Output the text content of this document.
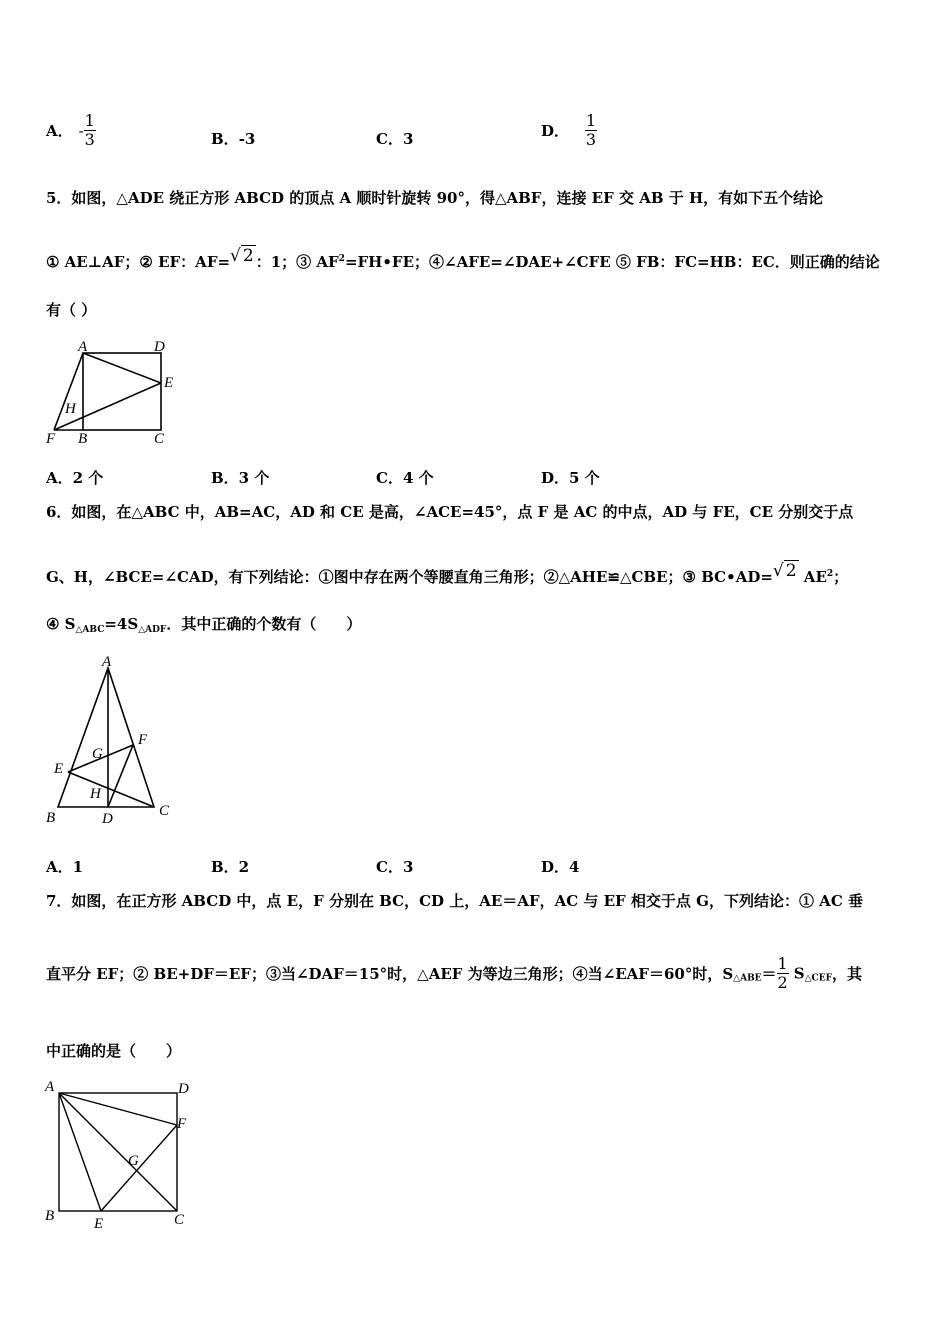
A． - $\frac{1}{3}$	B．-3	C．3	D． $\frac{1}{3}$
5．如图，△ADE 绕正方形 ABCD 的顶点 A 顺时针旋转 90°，得△ABF，连接 EF 交 AB 于 H，有如下五个结论
① AE⊥AF；② EF：AF=√ 2 ：1；③ $AF^2=FH•FE$；④∠AFE=∠DAE+∠CFE ⑤ FB：FC=HB：EC．则正确的结论
有（ ）
A	D
E
H
F B	C
A．2 个	B．3 个	C．4 个	D．5 个
6．如图，在△ABC 中，AB=AC，AD 和 CE 是高，∠ACE=45°，点 F 是 AC 的中点，AD 与 FE，CE 分别交于点
G、H，∠BCE=∠CAD，有下列结论：①图中存在两个等腰直角三角形；②△AHE≌△CBE；③ BC•AD=√ 2 $AE^2$；
④ $S_{\triangle ABC}=4S_{\triangle ADF}$．其中正确的个数有（　　）
A
F
G
E
H
B	D	C
A．1	B．2	C．3	D．4
7．如图，在正方形 ABCD 中，点 E，F 分别在 BC，CD 上，AE＝AF，AC 与 EF 相交于点 G，下列结论：① AC 垂
直平分 EF；② BE+DF＝EF；③当∠DAF＝15°时，△AEF 为等边三角形；④当∠EAF＝60°时，$S_{\triangle ABE}= \frac{1}{2} S_{\triangle CEF}$，其
中正确的是（　　）
A	D
F
G
B	E	C
